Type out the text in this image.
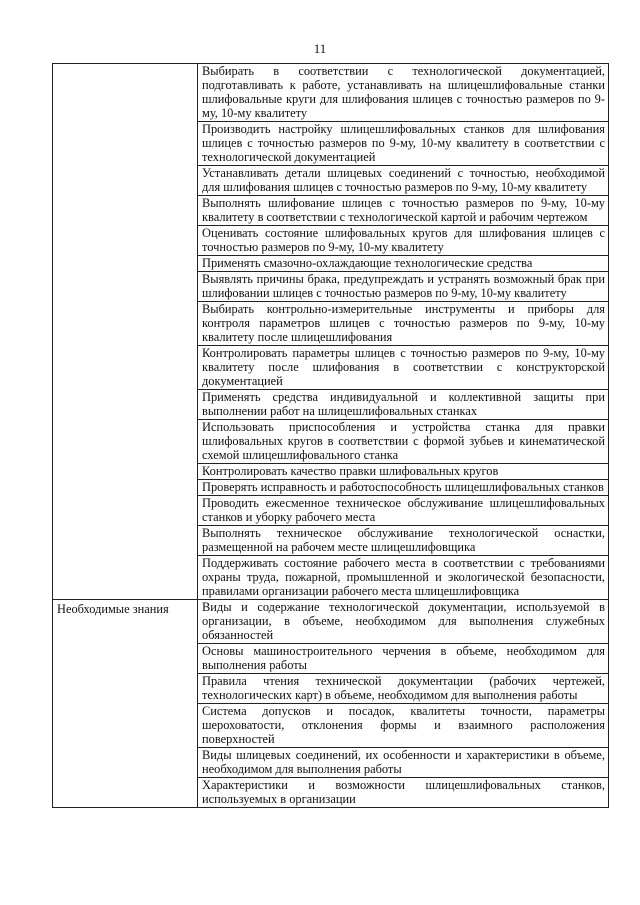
11

	Выбирать в соответствии с технологической документацией, подготавливать к работе, устанавливать на шлицешлифовальные станки шлифовальные круги для шлифования шлицев с точностью размеров по 9-му, 10-му квалитету

	Производить настройку шлицешлифовальных станков для шлифования шлицев с точностью размеров по 9-му, 10-му квалитету в соответствии с технологической документацией

	Устанавливать детали шлицевых соединений с точностью, необходимой для шлифования шлицев с точностью размеров по 9-му, 10-му квалитету

	Выполнять шлифование шлицев с точностью размеров по 9-му, 10-му квалитету в соответствии с технологической картой и рабочим чертежом

	Оценивать состояние шлифовальных кругов для шлифования шлицев с точностью размеров по 9-му, 10-му квалитету

	Применять смазочно-охлаждающие технологические средства

	Выявлять причины брака, предупреждать и устранять возможный брак при шлифовании шлицев с точностью размеров по 9-му, 10-му квалитету

	Выбирать контрольно-измерительные инструменты и приборы для контроля параметров шлицев с точностью размеров по 9-му, 10-му квалитету после шлицешлифования

	Контролировать параметры шлицев с точностью размеров по 9-му, 10-му квалитету после шлифования в соответствии с конструкторской документацией

	Применять средства индивидуальной и коллективной защиты при выполнении работ на шлицешлифовальных станках

	Использовать приспособления и устройства станка для правки шлифовальных кругов в соответствии с формой зубьев и кинематической схемой шлицешлифовального станка

	Контролировать качество правки шлифовальных кругов

	Проверять исправность и работоспособность шлицешлифовальных станков

	Проводить ежесменное техническое обслуживание шлицешлифовальных станков и уборку рабочего места

	Выполнять техническое обслуживание технологической оснастки, размещенной на рабочем месте шлицешлифовщика

	Поддерживать состояние рабочего места в соответствии с требованиями охраны труда, пожарной, промышленной и экологической безопасности, правилами организации рабочего места шлицешлифовщика

Необходимые знания	Виды и содержание технологической документации, используемой в организации, в объеме, необходимом для выполнения служебных обязанностей

	Основы машиностроительного черчения в объеме, необходимом для выполнения работы

	Правила чтения технической документации (рабочих чертежей, технологических карт) в объеме, необходимом для выполнения работы

	Система допусков и посадок, квалитеты точности, параметры шероховатости, отклонения формы и взаимного расположения поверхностей

	Виды шлицевых соединений, их особенности и характеристики в объеме, необходимом для выполнения работы

	Характеристики и возможности шлицешлифовальных станков, используемых в организации
